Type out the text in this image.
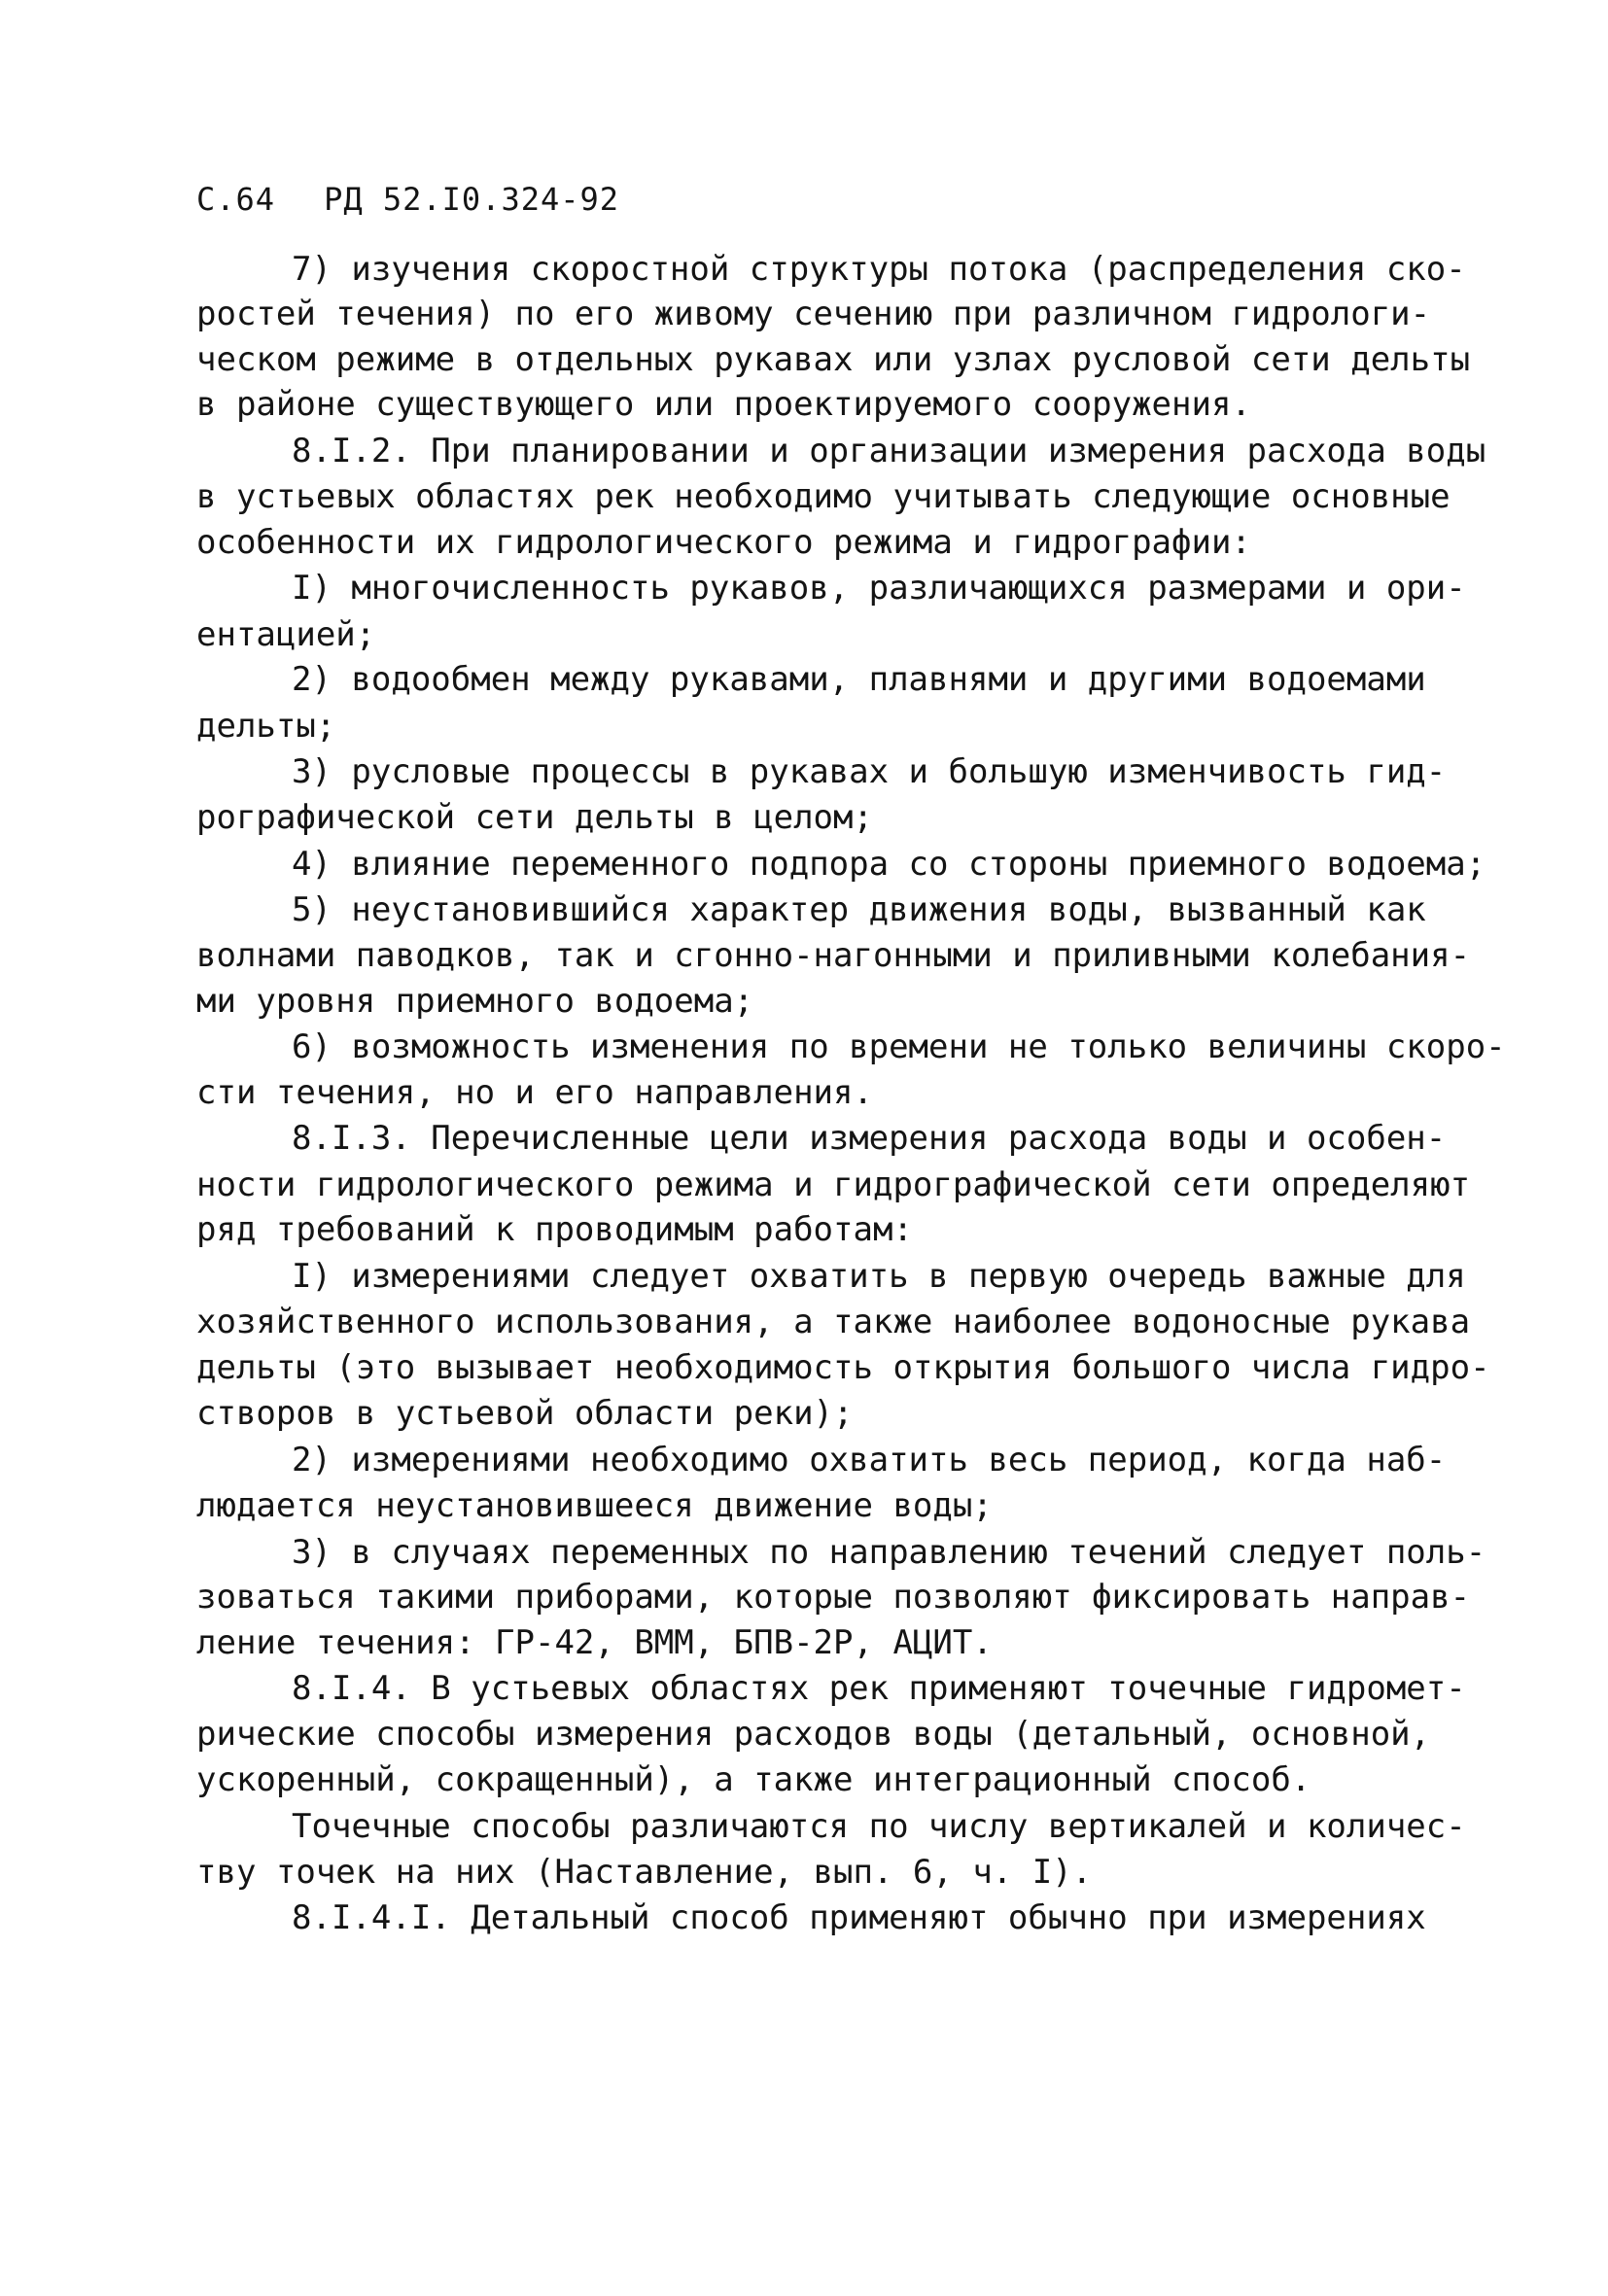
С.64 РД 52.I0.324-92
7) изучения скоростной структуры потока (распределения ско-
ростей течения) по его живому сечению при различном гидрологи-
ческом режиме в отдельных рукавах или узлах русловой сети дельты
в районе существующего или проектируемого сооружения.
8.I.2. При планировании и организации измерения расхода воды
в устьевых областях рек необходимо учитывать следующие основные
особенности их гидрологического режима и гидрографии:
I) многочисленность рукавов, различающихся размерами и ори-
ентацией;
2) водообмен между рукавами, плавнями и другими водоемами
дельты;
3) русловые процессы в рукавах и большую изменчивость гид-
рографической сети дельты в целом;
4) влияние переменного подпора со стороны приемного водоема;
5) неустановившийся характер движения воды, вызванный как
волнами паводков, так и сгонно-нагонными и приливными колебания-
ми уровня приемного водоема;
6) возможность изменения по времени не только величины скоро-
сти течения, но и его направления.
8.I.3. Перечисленные цели измерения расхода воды и особен-
ности гидрологического режима и гидрографической сети определяют
ряд требований к проводимым работам:
I) измерениями следует охватить в первую очередь важные для
хозяйственного использования, а также наиболее водоносные рукава
дельты (это вызывает необходимость открытия большого числа гидро-
створов в устьевой области реки);
2) измерениями необходимо охватить весь период, когда наб-
людается неустановившееся движение воды;
3) в случаях переменных по направлению течений следует поль-
зоваться такими приборами, которые позволяют фиксировать направ-
ление течения: ГР-42, ВММ, БПВ-2Р, АЦИТ.
8.I.4. В устьевых областях рек применяют точечные гидромет-
рические способы измерения расходов воды (детальный, основной,
ускоренный, сокращенный), а также интеграционный способ.
Точечные способы различаются по числу вертикалей и количес-
тву точек на них (Наставление, вып. 6, ч. I).
8.I.4.I. Детальный способ применяют обычно при измерениях
